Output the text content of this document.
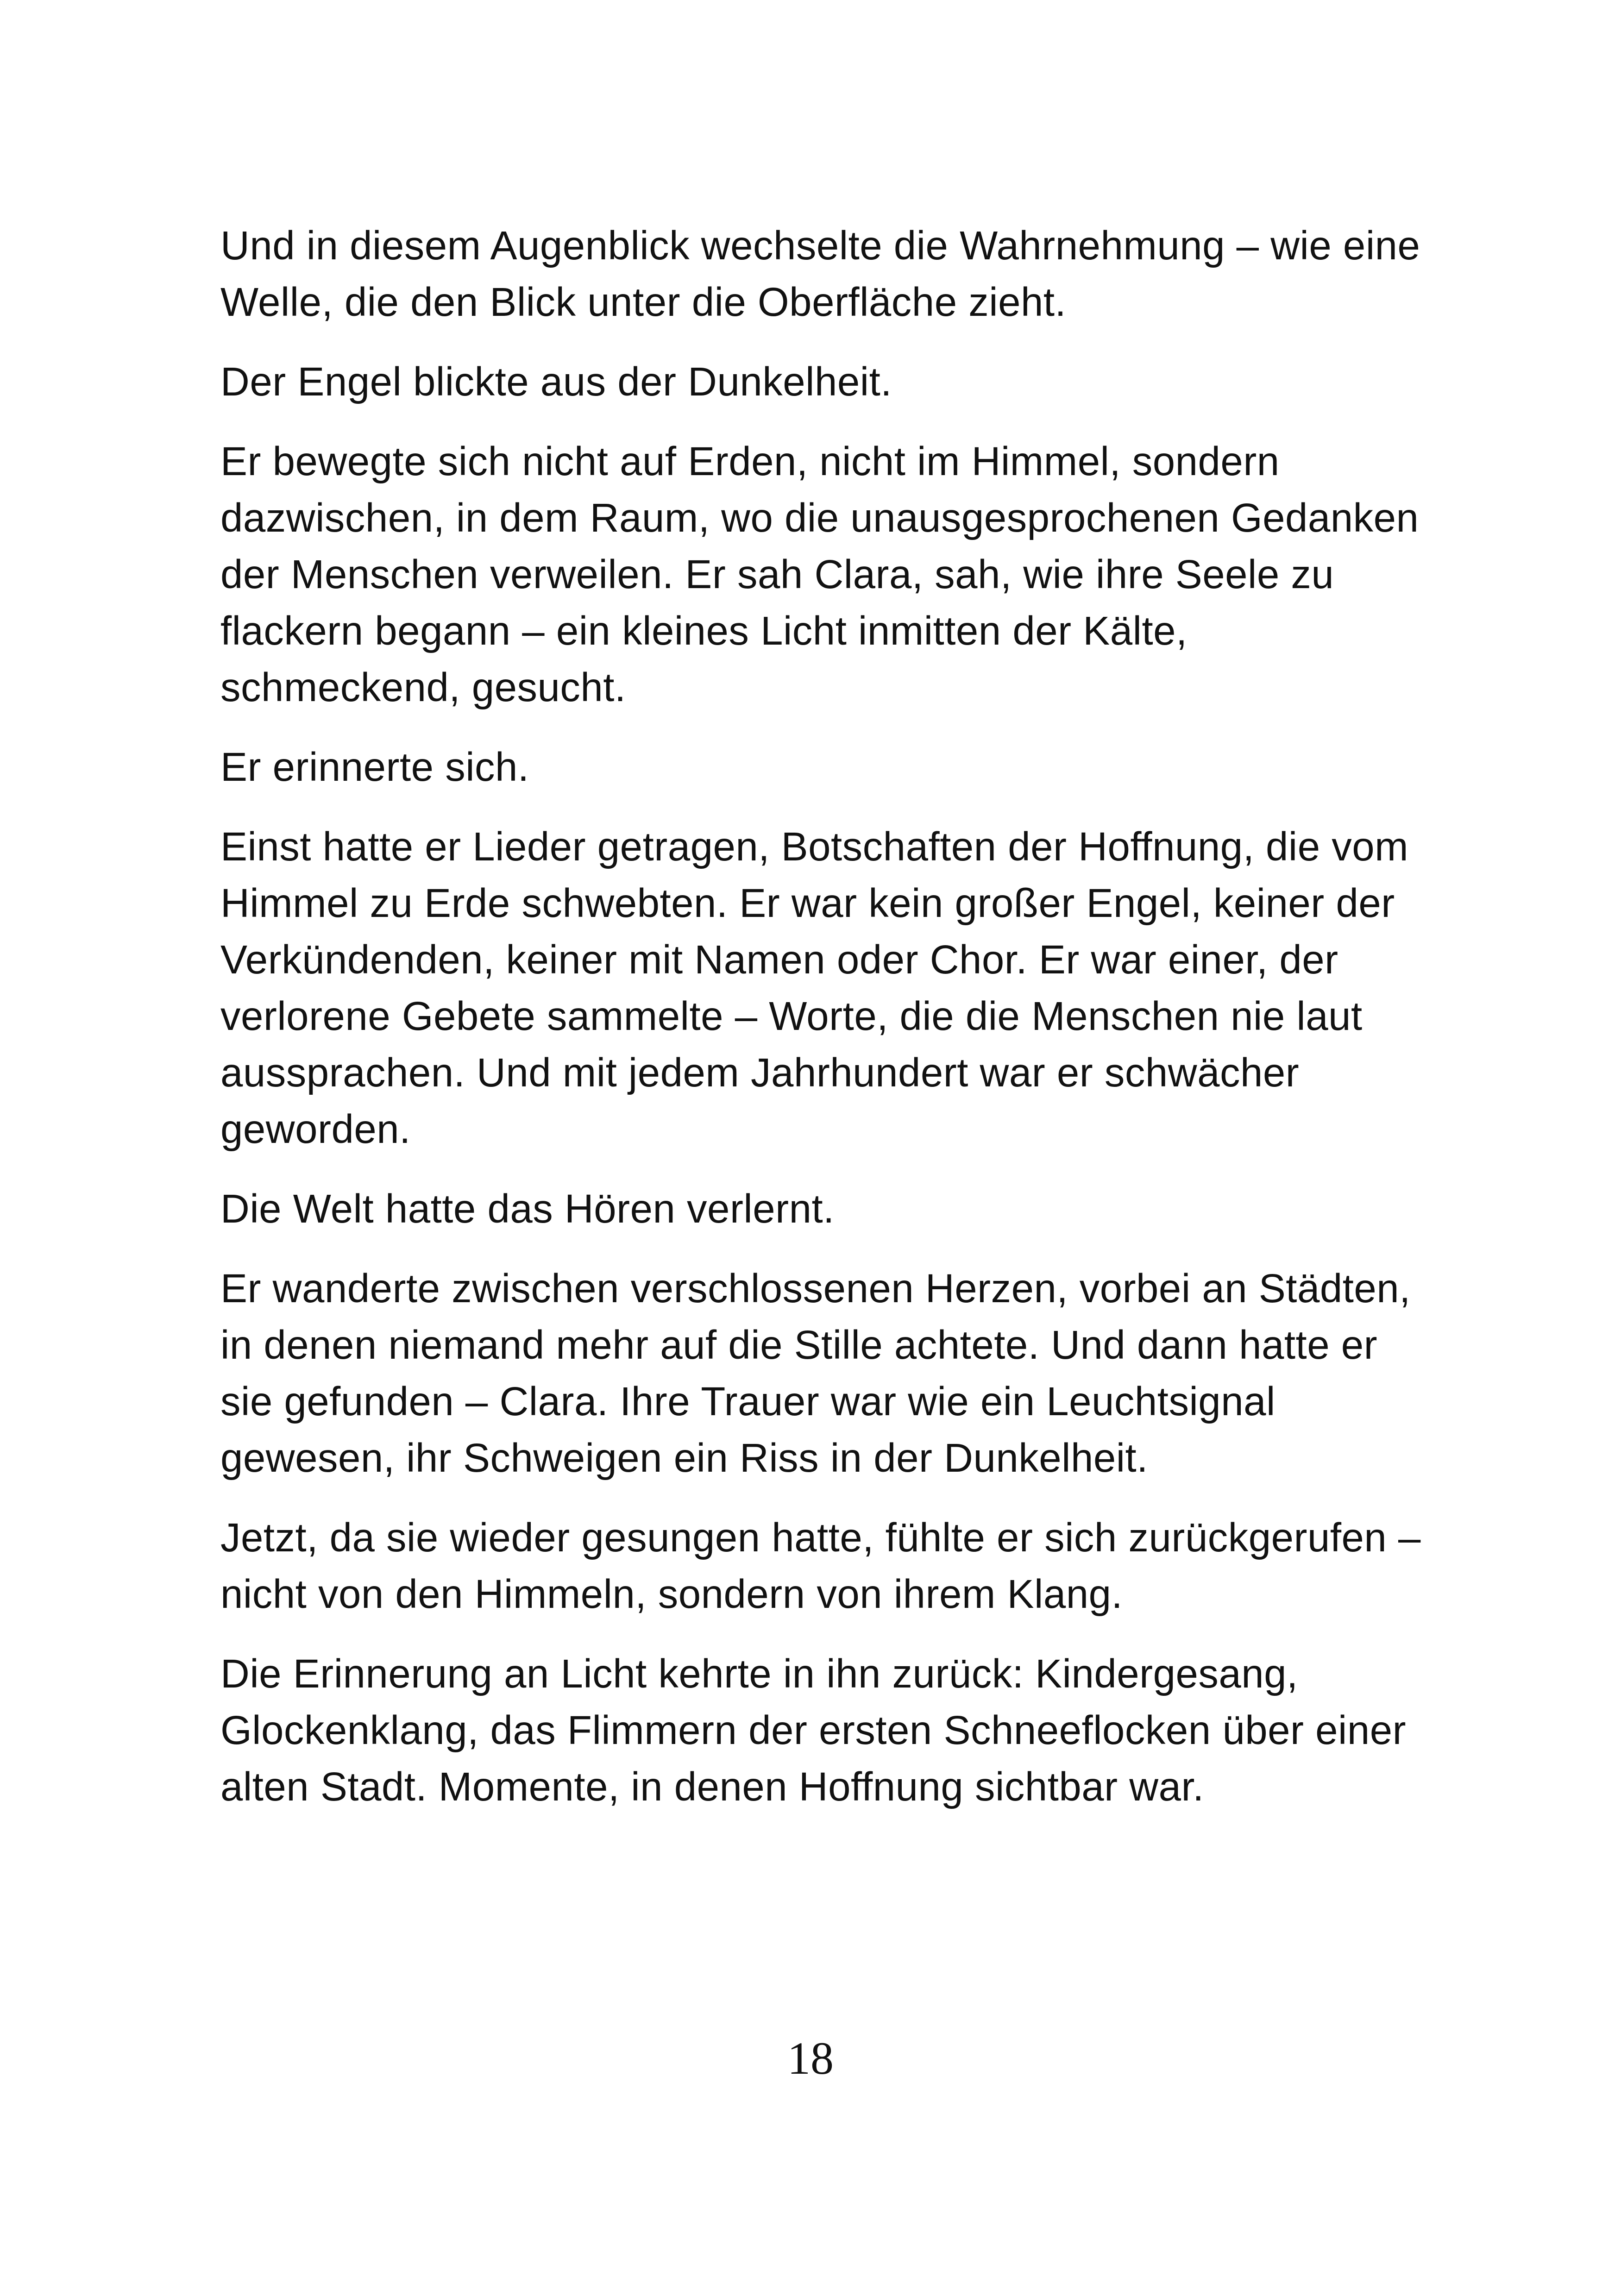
Und in diesem Augenblick wechselte die Wahrnehmung – wie eine Welle, die den Blick unter die Oberfläche zieht.

Der Engel blickte aus der Dunkelheit.

Er bewegte sich nicht auf Erden, nicht im Himmel, sondern dazwischen, in dem Raum, wo die unausgesprochenen Gedanken der Menschen verweilen. Er sah Clara, sah, wie ihre Seele zu flackern begann – ein kleines Licht inmitten der Kälte, schmeckend, gesucht.

Er erinnerte sich.

Einst hatte er Lieder getragen, Botschaften der Hoffnung, die vom Himmel zu Erde schwebten. Er war kein großer Engel, keiner der Verkündenden, keiner mit Namen oder Chor. Er war einer, der verlorene Gebete sammelte – Worte, die die Menschen nie laut aussprachen. Und mit jedem Jahrhundert war er schwächer geworden.

Die Welt hatte das Hören verlernt.

Er wanderte zwischen verschlossenen Herzen, vorbei an Städten, in denen niemand mehr auf die Stille achtete. Und dann hatte er sie gefunden – Clara. Ihre Trauer war wie ein Leuchtsignal gewesen, ihr Schweigen ein Riss in der Dunkelheit.

Jetzt, da sie wieder gesungen hatte, fühlte er sich zurückgerufen – nicht von den Himmeln, sondern von ihrem Klang.

Die Erinnerung an Licht kehrte in ihn zurück: Kindergesang, Glockenklang, das Flimmern der ersten Schneeflocken über einer alten Stadt. Momente, in denen Hoffnung sichtbar war.

18
